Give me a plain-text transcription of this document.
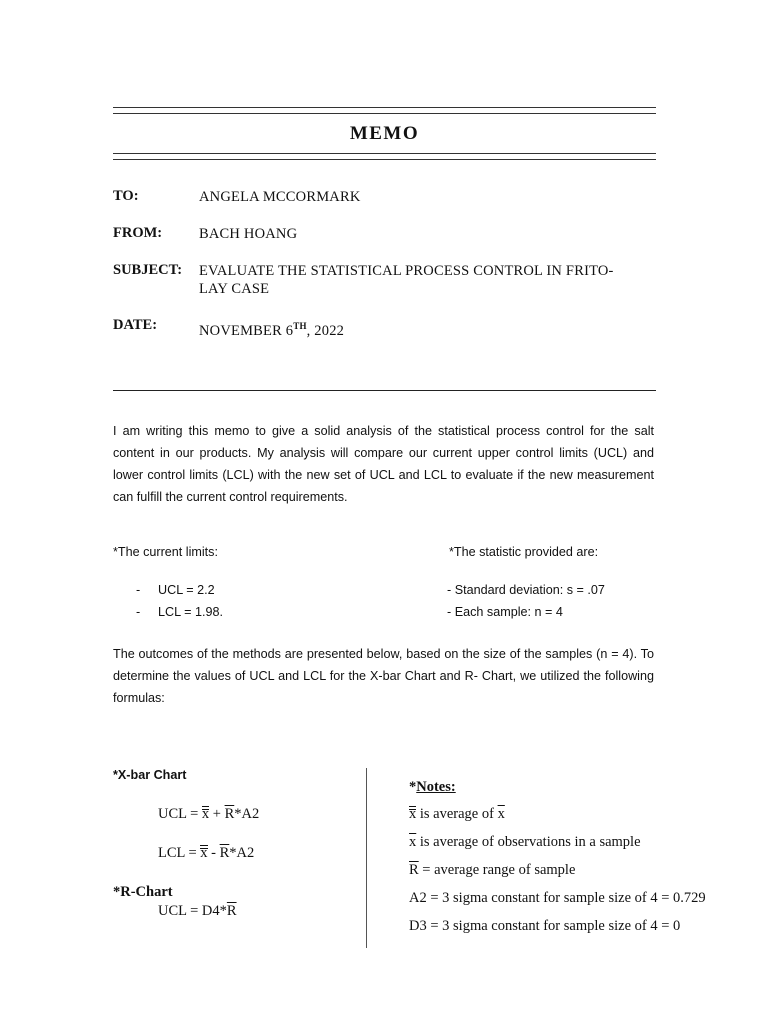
MEMO
TO:	ANGELA MCCORMARK
FROM:	BACH HOANG
SUBJECT: EVALUATE THE STATISTICAL PROCESS CONTROL IN FRITO-
LAY CASE
DATE:	NOVEMBER 6TH, 2022
I am writing this memo to give a solid analysis of the statistical process control for the salt content in our products. My analysis will compare our current upper control limits (UCL) and lower control limits (LCL) with the new set of UCL and LCL to evaluate if the new measurement can fulfill the current control requirements.
*The current limits:	*The statistic provided are:
- UCL = 2.2	- Standard deviation: s = .07
- LCL = 1.98.	- Each sample: n = 4
The outcomes of the methods are presented below, based on the size of the samples (n = 4). To determine the values of UCL and LCL for the X-bar Chart and R- Chart, we utilized the following formulas:
*X-bar Chart
UCL = $x + \overline{R}*A2$
LCL = x - $\overline{R}*A2$
*R-Chart
UCL = $D4*\overline{R}$
*Notes:
x is average of $\overline{x}$
$\overline{x}$ is average of observations in a sample
$\overline{R}$ = average range of sample
A2 = 3 sigma constant for sample size of 4 = 0.729
D3 = 3 sigma constant for sample size of 4 = 0
